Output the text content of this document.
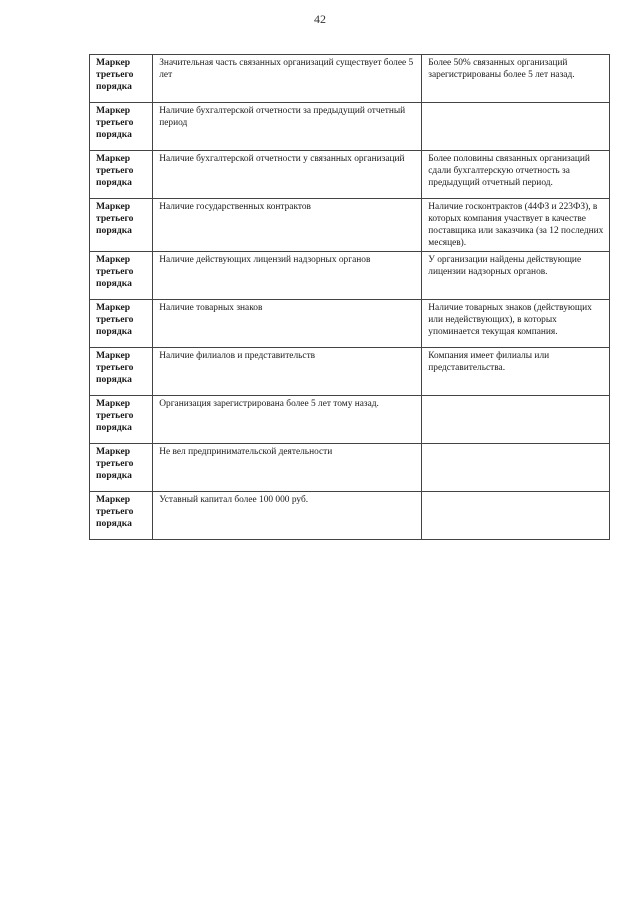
42
Маркер
третьего
порядка	Значительная часть связанных организаций существует более 5 лет	Более 50% связанных организаций зарегистрированы более 5 лет назад.

Маркер
третьего
порядка	Наличие бухгалтерской отчетности за предыдущий отчетный период	

Маркер
третьего
порядка	Наличие бухгалтерской отчетности у связанных организаций	Более половины связанных организаций сдали бухгалтерскую отчетность за предыдущий отчетный период.

Маркер
третьего
порядка	Наличие государственных контрактов	Наличие госконтрактов (44ФЗ и 223ФЗ), в которых компания участвует в качестве поставщика или заказчика (за 12 последних месяцев).

Маркер
третьего
порядка	Наличие действующих лицензий надзорных органов	У организации найдены действующие лицензии надзорных органов.

Маркер
третьего
порядка	Наличие товарных знаков	Наличие товарных знаков (действующих или недействующих), в которых упоминается текущая компания.

Маркер
третьего
порядка	Наличие филиалов и представительств	Компания имеет филиалы или представительства.

Маркер
третьего
порядка	Организация зарегистрирована более 5 лет тому назад.	

Маркер
третьего
порядка	Не вел предпринимательской деятельности	

Маркер
третьего
порядка	Уставный капитал более 100 000 руб.	
